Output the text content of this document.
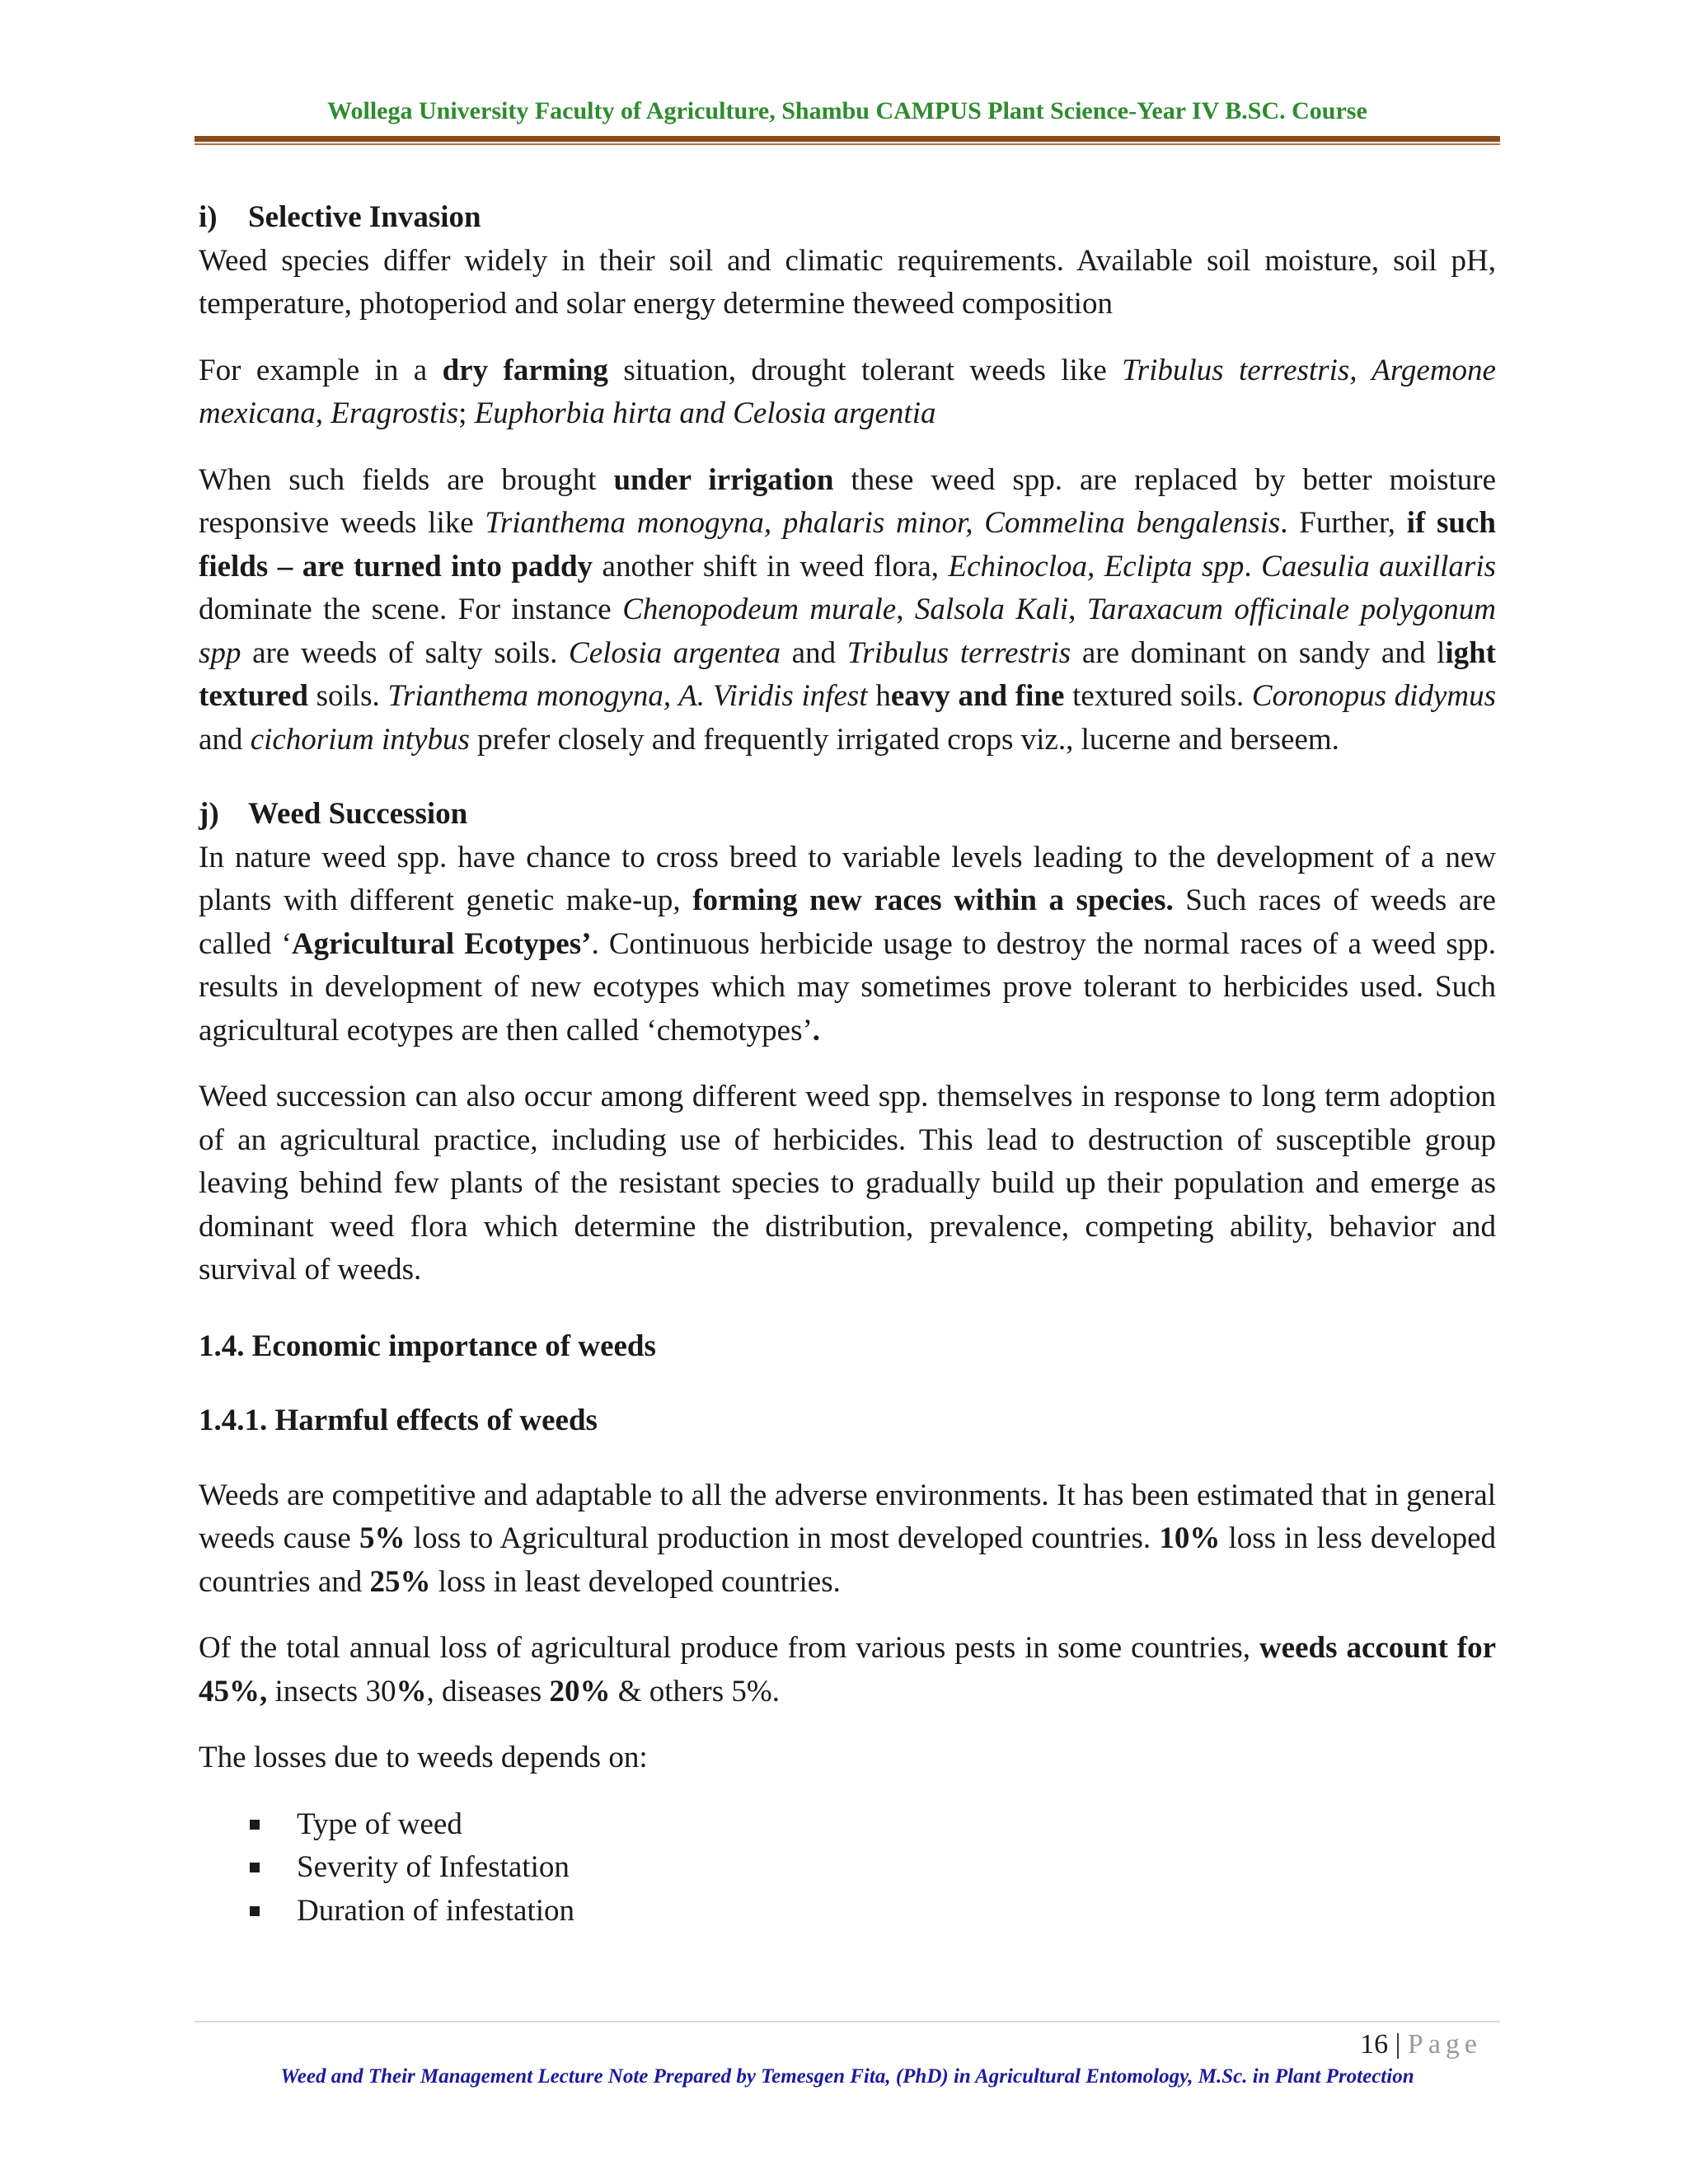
Wollega University Faculty of Agriculture, Shambu CAMPUS Plant Science-Year IV B.SC. Course
i) Selective Invasion

Weed species differ widely in their soil and climatic requirements. Available soil moisture, soil pH, temperature, photoperiod and solar energy determine theweed composition

For example in a dry farming situation, drought tolerant weeds like Tribulus terrestris, Argemone mexicana, Eragrostis; Euphorbia hirta and Celosia argentia

When such fields are brought under irrigation these weed spp. are replaced by better moisture responsive weeds like Trianthema monogyna, phalaris minor, Commelina bengalensis. Further, if such fields – are turned into paddy another shift in weed flora, Echinocloa, Eclipta spp. Caesulia auxillaris dominate the scene. For instance Chenopodeum murale, Salsola Kali, Taraxacum officinale polygonum spp are weeds of salty soils. Celosia argentea and Tribulus terrestris are dominant on sandy and light textured soils. Trianthema monogyna, A. Viridis infest heavy and fine textured soils. Coronopus didymus and cichorium intybus prefer closely and frequently irrigated crops viz., lucerne and berseem.

j) Weed Succession

In nature weed spp. have chance to cross breed to variable levels leading to the development of a new plants with different genetic make-up, forming new races within a species. Such races of weeds are called ‘Agricultural Ecotypes’. Continuous herbicide usage to destroy the normal races of a weed spp. results in development of new ecotypes which may sometimes prove tolerant to herbicides used. Such agricultural ecotypes are then called ‘chemotypes’.

Weed succession can also occur among different weed spp. themselves in response to long term adoption of an agricultural practice, including use of herbicides. This lead to destruction of susceptible group leaving behind few plants of the resistant species to gradually build up their population and emerge as dominant weed flora which determine the distribution, prevalence, competing ability, behavior and survival of weeds.

1.4. Economic importance of weeds
1.4.1. Harmful effects of weeds

Weeds are competitive and adaptable to all the adverse environments. It has been estimated that in general weeds cause 5% loss to Agricultural production in most developed countries. 10% loss in less developed countries and 25% loss in least developed countries.

Of the total annual loss of agricultural produce from various pests in some countries, weeds account for 45%, insects 30%, diseases 20% & others 5%.

The losses due to weeds depends on:

Type of weed
Severity of Infestation
Duration of infestation
16 | Page
Weed and Their Management Lecture Note Prepared by Temesgen Fita, (PhD) in Agricultural Entomology, M.Sc. in Plant Protection
